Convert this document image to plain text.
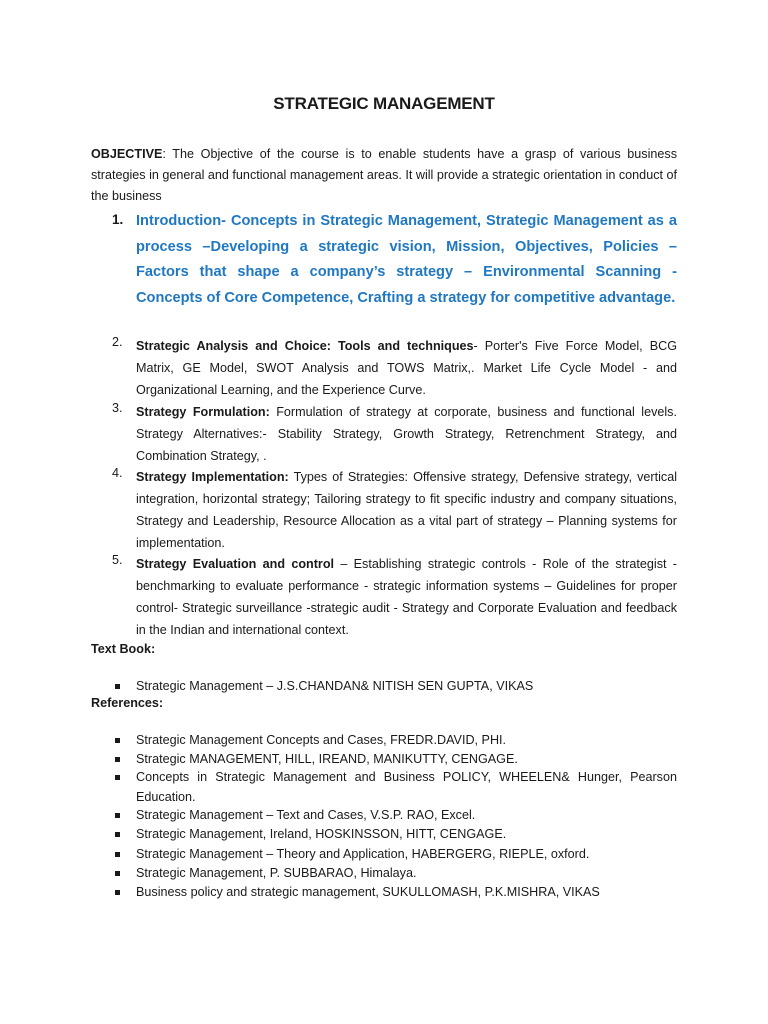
STRATEGIC MANAGEMENT
OBJECTIVE: The Objective of the course is to enable students have a grasp of various business strategies in general and functional management areas. It will provide a strategic orientation in conduct of the business
1. Introduction- Concepts in Strategic Management, Strategic Management as a process –Developing a strategic vision, Mission, Objectives, Policies – Factors that shape a company’s strategy – Environmental Scanning - Concepts of Core Competence, Crafting a strategy for competitive advantage.
2. Strategic Analysis and Choice: Tools and techniques- Porter's Five Force Model, BCG Matrix, GE Model, SWOT Analysis and TOWS Matrix,. Market Life Cycle Model - and Organizational Learning, and the Experience Curve.
3. Strategy Formulation: Formulation of strategy at corporate, business and functional levels. Strategy Alternatives:- Stability Strategy, Growth Strategy, Retrenchment Strategy, and Combination Strategy, .
4. Strategy Implementation: Types of Strategies: Offensive strategy, Defensive strategy, vertical integration, horizontal strategy; Tailoring strategy to fit specific industry and company situations, Strategy and Leadership, Resource Allocation as a vital part of strategy – Planning systems for implementation.
5. Strategy Evaluation and control – Establishing strategic controls - Role of the strategist - benchmarking to evaluate performance - strategic information systems – Guidelines for proper control- Strategic surveillance -strategic audit - Strategy and Corporate Evaluation and feedback in the Indian and international context.
Text Book:
Strategic Management – J.S.CHANDAN& NITISH SEN GUPTA, VIKAS
References:
Strategic Management Concepts and Cases, FREDR.DAVID, PHI.
Strategic MANAGEMENT, HILL, IREAND, MANIKUTTY, CENGAGE.
Concepts in Strategic Management and Business POLICY, WHEELEN& Hunger, Pearson Education.
Strategic Management – Text and Cases, V.S.P. RAO, Excel.
Strategic Management, Ireland, HOSKINSSON, HITT, CENGAGE.
Strategic Management – Theory and Application, HABERGERG, RIEPLE, oxford.
Strategic Management, P. SUBBARAO, Himalaya.
Business policy and strategic management, SUKULLOMASH, P.K.MISHRA, VIKAS
